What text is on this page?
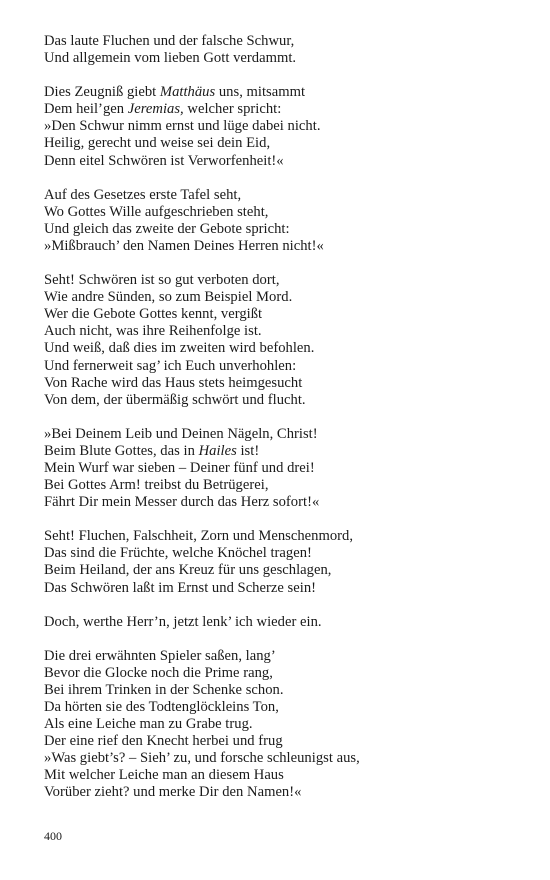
Das laute Fluchen und der falsche Schwur,
Und allgemein vom lieben Gott verdammt.
Dies Zeugniß giebt Matthäus uns, mitsammt
Dem heil’gen Jeremias, welcher spricht:
»Den Schwur nimm ernst und lüge dabei nicht.
Heilig, gerecht und weise sei dein Eid,
Denn eitel Schwören ist Verworfenheit!«
Auf des Gesetzes erste Tafel seht,
Wo Gottes Wille aufgeschrieben steht,
Und gleich das zweite der Gebote spricht:
»Mißbrauch’ den Namen Deines Herren nicht!«
Seht! Schwören ist so gut verboten dort,
Wie andre Sünden, so zum Beispiel Mord.
Wer die Gebote Gottes kennt, vergißt
Auch nicht, was ihre Reihenfolge ist.
Und weiß, daß dies im zweiten wird befohlen.
Und fernerweit sag’ ich Euch unverhohlen:
Von Rache wird das Haus stets heimgesucht
Von dem, der übermäßig schwört und flucht.
»Bei Deinem Leib und Deinen Nägeln, Christ!
Beim Blute Gottes, das in Hailes ist!
Mein Wurf war sieben – Deiner fünf und drei!
Bei Gottes Arm! treibst du Betrügerei,
Fährt Dir mein Messer durch das Herz sofort!«
Seht! Fluchen, Falschheit, Zorn und Menschenmord,
Das sind die Früchte, welche Knöchel tragen!
Beim Heiland, der ans Kreuz für uns geschlagen,
Das Schwören laßt im Ernst und Scherze sein!
Doch, werthe Herr’n, jetzt lenk’ ich wieder ein.
Die drei erwähnten Spieler saßen, lang’
Bevor die Glocke noch die Prime rang,
Bei ihrem Trinken in der Schenke schon.
Da hörten sie des Todtenglöckleins Ton,
Als eine Leiche man zu Grabe trug.
Der eine rief den Knecht herbei und frug
»Was giebt’s? – Sieh’ zu, und forsche schleunigst aus,
Mit welcher Leiche man an diesem Haus
Vorüber zieht? und merke Dir den Namen!«
400
